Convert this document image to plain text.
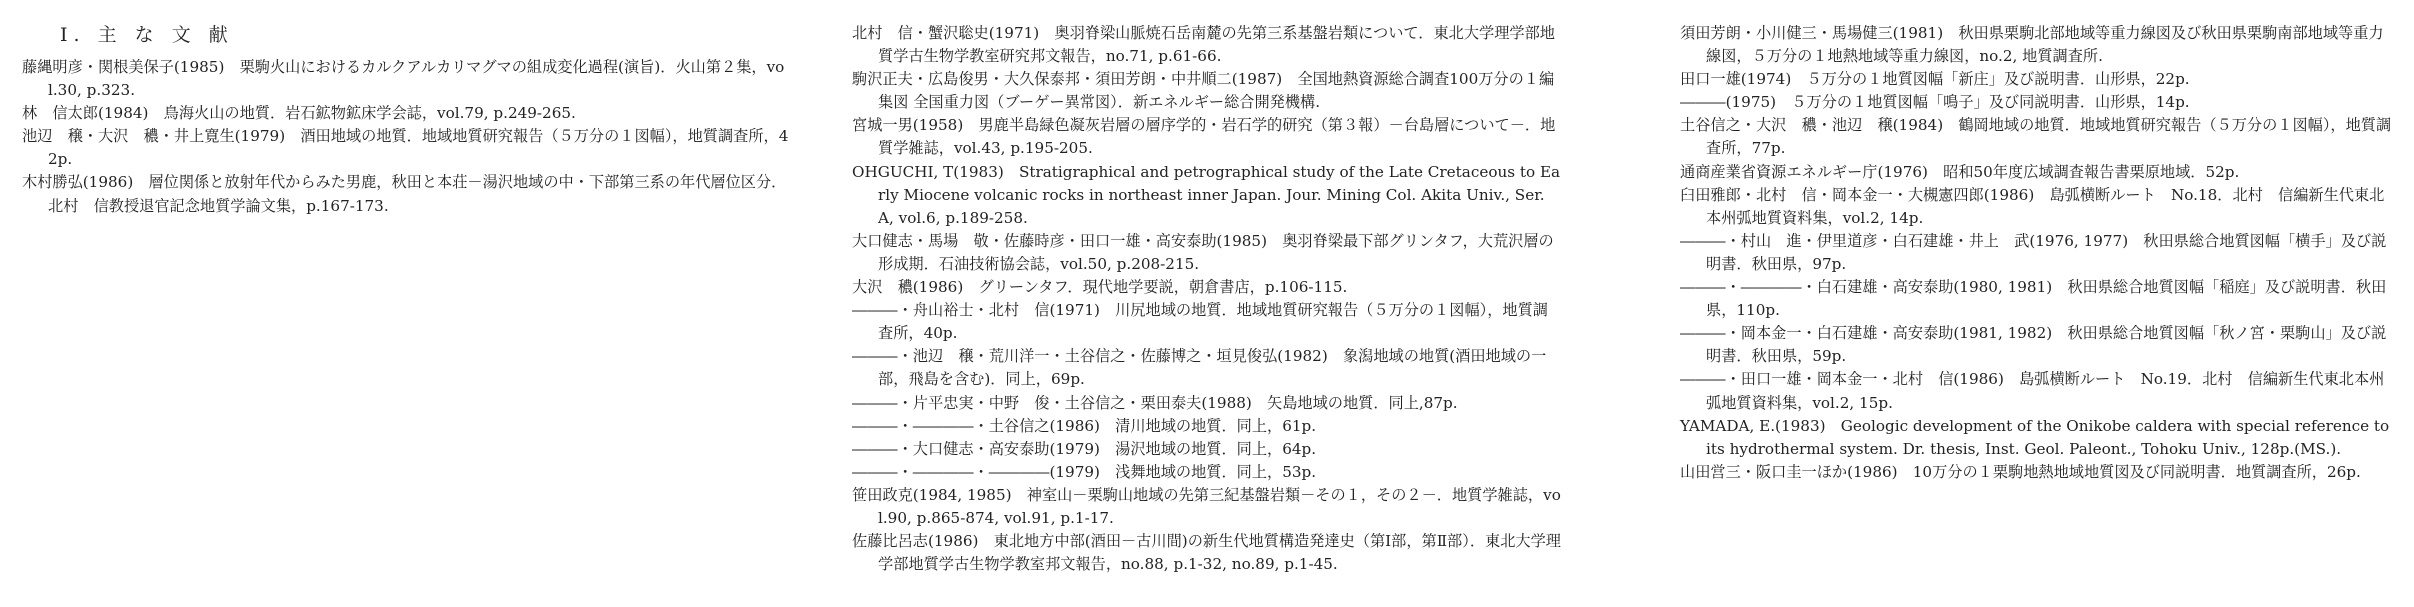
I. 主 な 文 献
藤縄明彦・関根美保子(1985)　栗駒火山におけるカルクアルカリマグマの組成変化過程(演旨)．火山第２集，vol.30, p.323.
林　信太郎(1984)　鳥海火山の地質．岩石鉱物鉱床学会誌，vol.79, p.249-265.
池辺　穣・大沢　穠・井上寛生(1979)　酒田地域の地質．地域地質研究報告（５万分の１図幅），地質調査所，42p.
木村勝弘(1986)　層位関係と放射年代からみた男鹿，秋田と本荘－湯沢地域の中・下部第三系の年代層位区分．北村　信教授退官記念地質学論文集，p.167-173.
北村　信・蟹沢聡史(1971)　奥羽脊梁山脈焼石岳南麓の先第三系基盤岩類について．東北大学理学部地質学古生物学教室研究邦文報告，no.71, p.61-66.
駒沢正夫・広島俊男・大久保泰邦・須田芳朗・中井順二(1987)　全国地熱資源総合調査100万分の１編集図 全国重力図（ブーゲー異常図）．新エネルギー総合開発機構.
宮城一男(1958)　男鹿半島緑色凝灰岩層の層序学的・岩石学的研究（第３報）－台島層について－．地質学雑誌，vol.43, p.195-205.
OHGUCHI, T(1983)　Stratigraphical and petrographical study of the Late Cretaceous to Early Miocene volcanic rocks in northeast inner Japan. Jour. Mining Col. Akita Univ., Ser. A, vol.6, p.189-258.
大口健志・馬場　敬・佐藤時彦・田口一雄・高安泰助(1985)　奥羽脊梁最下部グリンタフ，大荒沢層の形成期．石油技術協会誌，vol.50, p.208-215.
大沢　穠(1986)　グリーンタフ．現代地学要説，朝倉書店，p.106-115.
―――・舟山裕士・北村　信(1971)　川尻地域の地質．地域地質研究報告（５万分の１図幅），地質調査所，40p.
―――・池辺　穣・荒川洋一・土谷信之・佐藤博之・垣見俊弘(1982)　象潟地域の地質(酒田地域の一部，飛島を含む)．同上，69p.
―――・片平忠実・中野　俊・土谷信之・栗田泰夫(1988)　矢島地域の地質．同上,87p.
―――・――――・土谷信之(1986)　清川地域の地質．同上，61p.
―――・大口健志・高安泰助(1979)　湯沢地域の地質．同上，64p.
―――・――――・――――(1979)　浅舞地域の地質．同上，53p.
笹田政克(1984, 1985)　神室山－栗駒山地域の先第三紀基盤岩類－その１，その２－．地質学雑誌，vol.90, p.865-874, vol.91, p.1-17.
佐藤比呂志(1986)　東北地方中部(酒田－古川間)の新生代地質構造発達史（第Ⅰ部，第Ⅱ部）．東北大学理学部地質学古生物学教室邦文報告，no.88, p.1-32, no.89, p.1-45.
須田芳朗・小川健三・馬場健三(1981)　秋田県栗駒北部地域等重力線図及び秋田県栗駒南部地域等重力線図，５万分の１地熱地域等重力線図，no.2, 地質調査所.
田口一雄(1974)　５万分の１地質図幅「新庄」及び説明書．山形県，22p.
―――(1975)　５万分の１地質図幅「鳴子」及び同説明書．山形県，14p.
土谷信之・大沢　穠・池辺　穣(1984)　鶴岡地域の地質．地域地質研究報告（５万分の１図幅），地質調査所，77p.
通商産業省資源エネルギー庁(1976)　昭和50年度広域調査報告書栗原地域．52p.
臼田雅郎・北村　信・岡本金一・大槻憲四郎(1986)　島弧横断ルート　No.18．北村　信編新生代東北本州弧地質資料集，vol.2, 14p.
―――・村山　進・伊里道彦・白石建雄・井上　武(1976, 1977)　秋田県総合地質図幅「横手」及び説明書．秋田県，97p.
―――・――――・白石建雄・高安泰助(1980, 1981)　秋田県総合地質図幅「稲庭」及び説明書．秋田県，110p.
―――・岡本金一・白石建雄・高安泰助(1981, 1982)　秋田県総合地質図幅「秋ノ宮・栗駒山」及び説明書．秋田県，59p.
―――・田口一雄・岡本金一・北村　信(1986)　島弧横断ルート　No.19．北村　信編新生代東北本州弧地質資料集，vol.2, 15p.
YAMADA, E.(1983)　Geologic development of the Onikobe caldera with special reference to its hydrothermal system. Dr. thesis, Inst. Geol. Paleont., Tohoku Univ., 128p.(MS.).
山田営三・阪口圭一ほか(1986)　10万分の１栗駒地熱地域地質図及び同説明書．地質調査所，26p.
